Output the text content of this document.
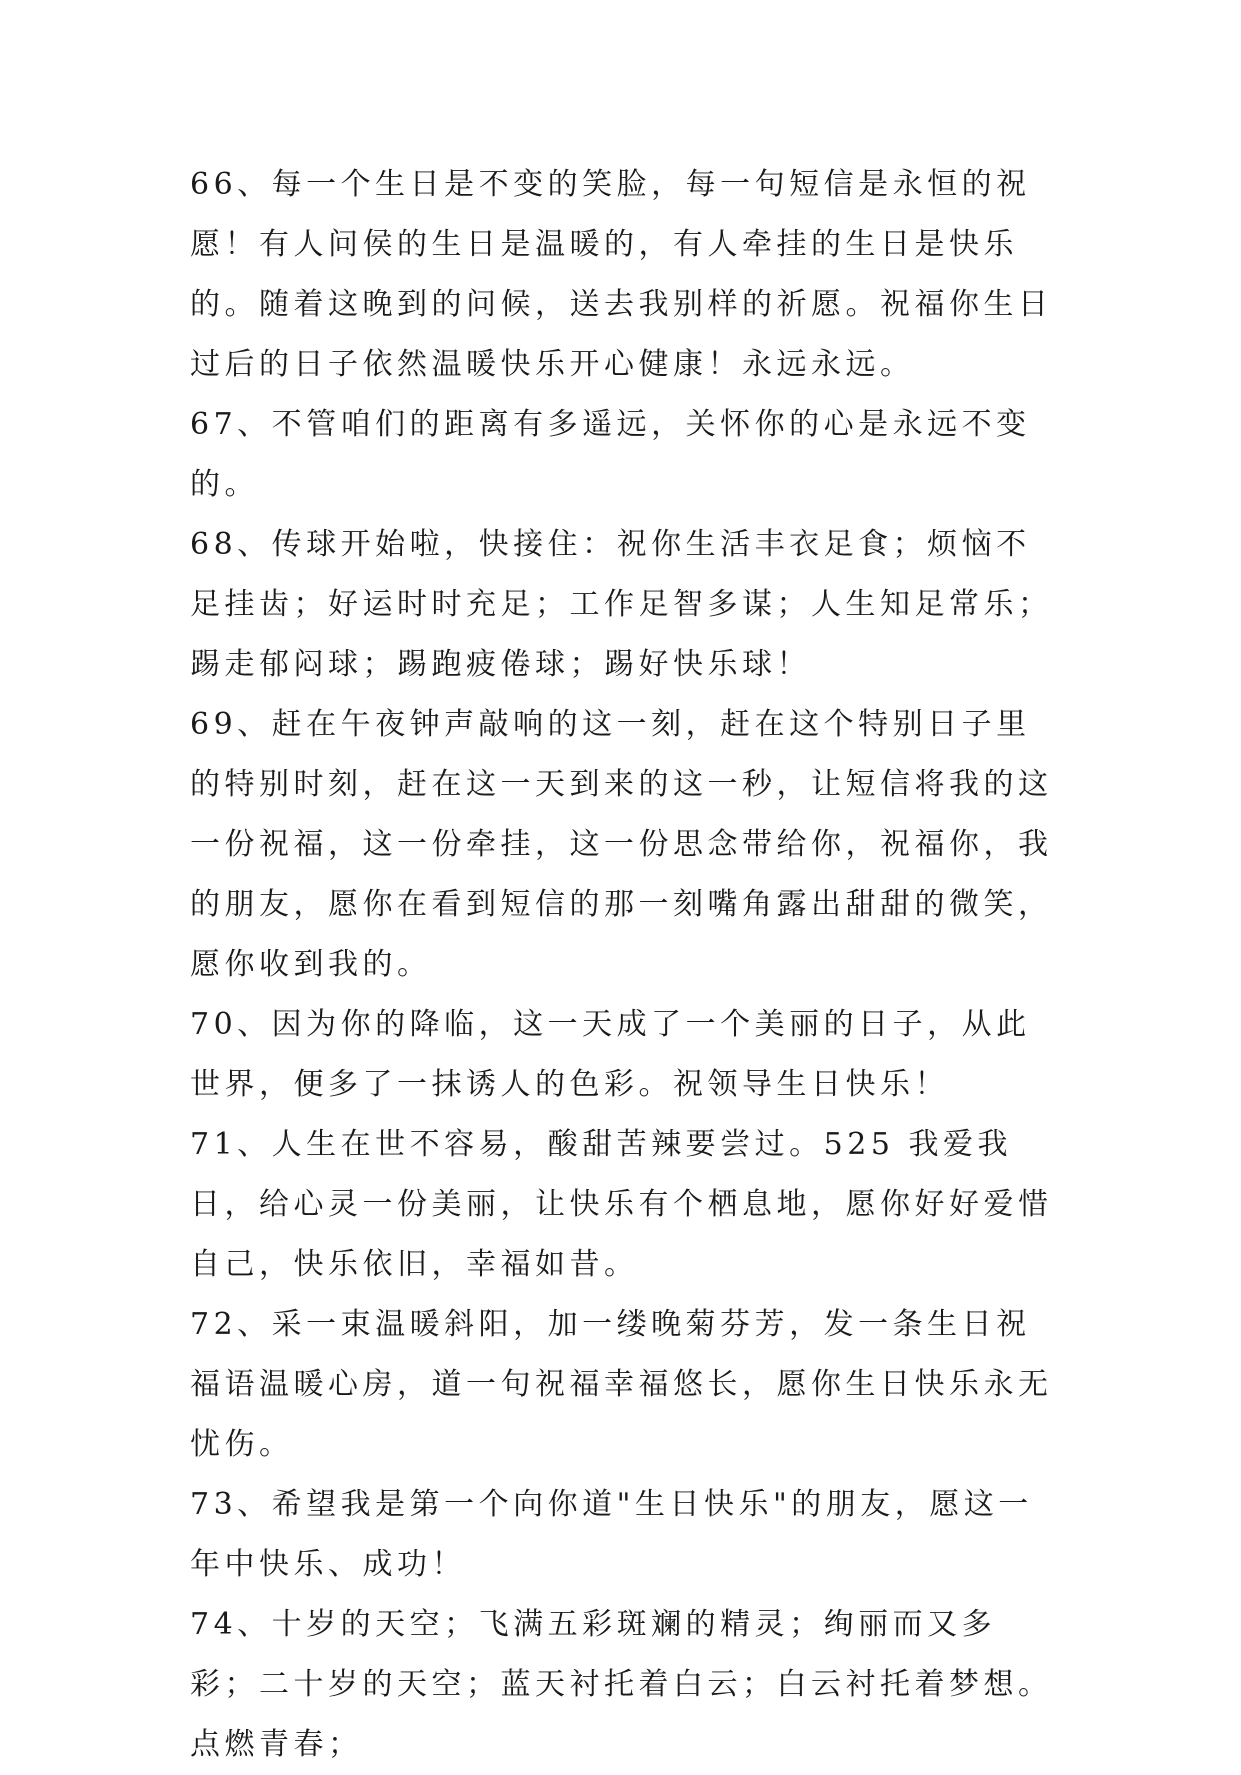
66、每一个生日是不变的笑脸，每一句短信是永恒的祝愿！有人问侯的生日是温暖的，有人牵挂的生日是快乐的。随着这晚到的问候，送去我别样的祈愿。祝福你生日过后的日子依然温暖快乐开心健康！永远永远。

67、不管咱们的距离有多遥远，关怀你的心是永远不变的。

68、传球开始啦，快接住：祝你生活丰衣足食；烦恼不足挂齿；好运时时充足；工作足智多谋；人生知足常乐；踢走郁闷球；踢跑疲倦球；踢好快乐球！

69、赶在午夜钟声敲响的这一刻，赶在这个特别日子里的特别时刻，赶在这一天到来的这一秒，让短信将我的这一份祝福，这一份牵挂，这一份思念带给你，祝福你，我的朋友，愿你在看到短信的那一刻嘴角露出甜甜的微笑，愿你收到我的。

70、因为你的降临，这一天成了一个美丽的日子，从此世界，便多了一抹诱人的色彩。祝领导生日快乐！

71、人生在世不容易，酸甜苦辣要尝过。525 我爱我日，给心灵一份美丽，让快乐有个栖息地，愿你好好爱惜自己，快乐依旧，幸福如昔。

72、采一束温暖斜阳，加一缕晚菊芬芳，发一条生日祝福语温暖心房，道一句祝福幸福悠长，愿你生日快乐永无忧伤。

73、希望我是第一个向你道"生日快乐"的朋友，愿这一年中快乐、成功！

74、十岁的天空；飞满五彩斑斓的精灵；绚丽而又多彩；二十岁的天空；蓝天衬托着白云；白云衬托着梦想。点燃青春；
